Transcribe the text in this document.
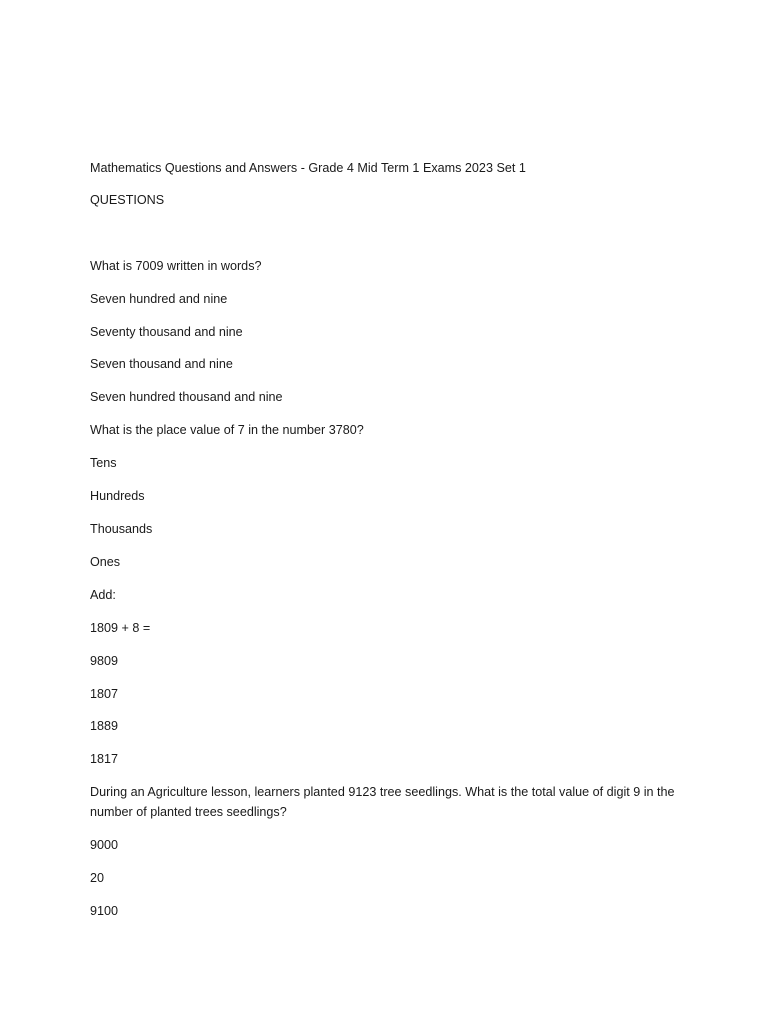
Mathematics Questions and Answers - Grade 4 Mid Term 1 Exams 2023 Set 1
QUESTIONS
What is 7009 written in words?
Seven hundred and nine
Seventy thousand and nine
Seven thousand and nine
Seven hundred thousand and nine
What is the place value of 7 in the number 3780?
Tens
Hundreds
Thousands
Ones
Add:
1809 + 8 =
9809
1807
1889
1817
During an Agriculture lesson, learners planted 9123 tree seedlings. What is the total value of digit 9 in the number of planted trees seedlings?
9000
20
9100
